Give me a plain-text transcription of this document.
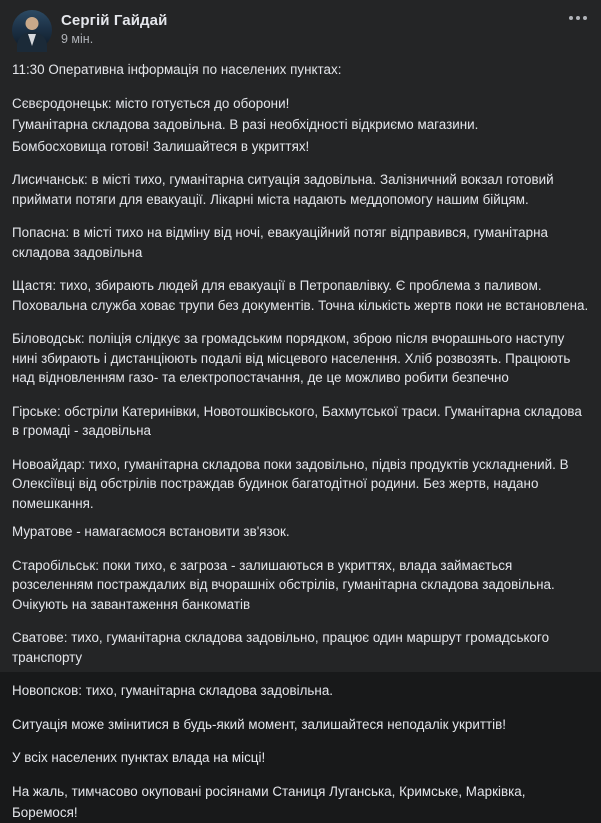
Сергій Гайдай
9 мін.

11:30 Оперативна інформація по населених пунктах:

Сєвєродонецьк: місто готується до оборони!

Гуманітарна складова задовільна. В разі необхідності відкриємо магазини.

Бомбосховища готові! Залишайтеся в укриттях!

Лисичанськ: в місті тихо, гуманітарна ситуація задовільна. Залізничний вокзал готовий приймати потяги для евакуації. Лікарні міста надають меддопомогу нашим бійцям.

Попасна: в місті тихо на відміну від ночі, евакуаційний потяг відправився, гуманітарна складова задовільна

Щастя: тихо, збирають людей для евакуації в Петропавлівку. Є проблема з паливом. Поховальна служба ховає трупи без документів. Точна кількість жертв поки не встановлена.

Біловодськ: поліція слідкує за громадським порядком, зброю після вчорашнього наступу нині збирають і дистанціюють подалі від місцевого населення. Хліб розвозять. Працюють над відновленням газо- та електропостачання, де це можливо робити безпечно

Гірське: обстріли Катеринівки, Новотошківського, Бахмутської траси. Гуманітарна складова в громаді - задовільна

Новоайдар: тихо, гуманітарна складова поки задовільно, підвіз продуктів ускладнений. В Олексіївці від обстрілів постраждав будинок багатодітної родини. Без жертв, надано помешкання.

Муратове - намагаємося встановити зв'язок.

Старобільськ: поки тихо, є загроза - залишаються в укриттях, влада займається розселенням постраждалих від вчорашніх обстрілів, гуманітарна складова задовільна. Очікують на завантаження банкоматів

Сватове: тихо, гуманітарна складова задовільно, працює один маршрут громадського транспорту

Новопсков: тихо, гуманітарна складова задовільна.

Ситуація може змінитися в будь-який момент, залишайтеся неподалік укриттів!

У всіх населених пунктах влада на місці!

На жаль, тимчасово окуповані росіянами Станиця Луганська, Кримське, Марківка,

Боремося!
